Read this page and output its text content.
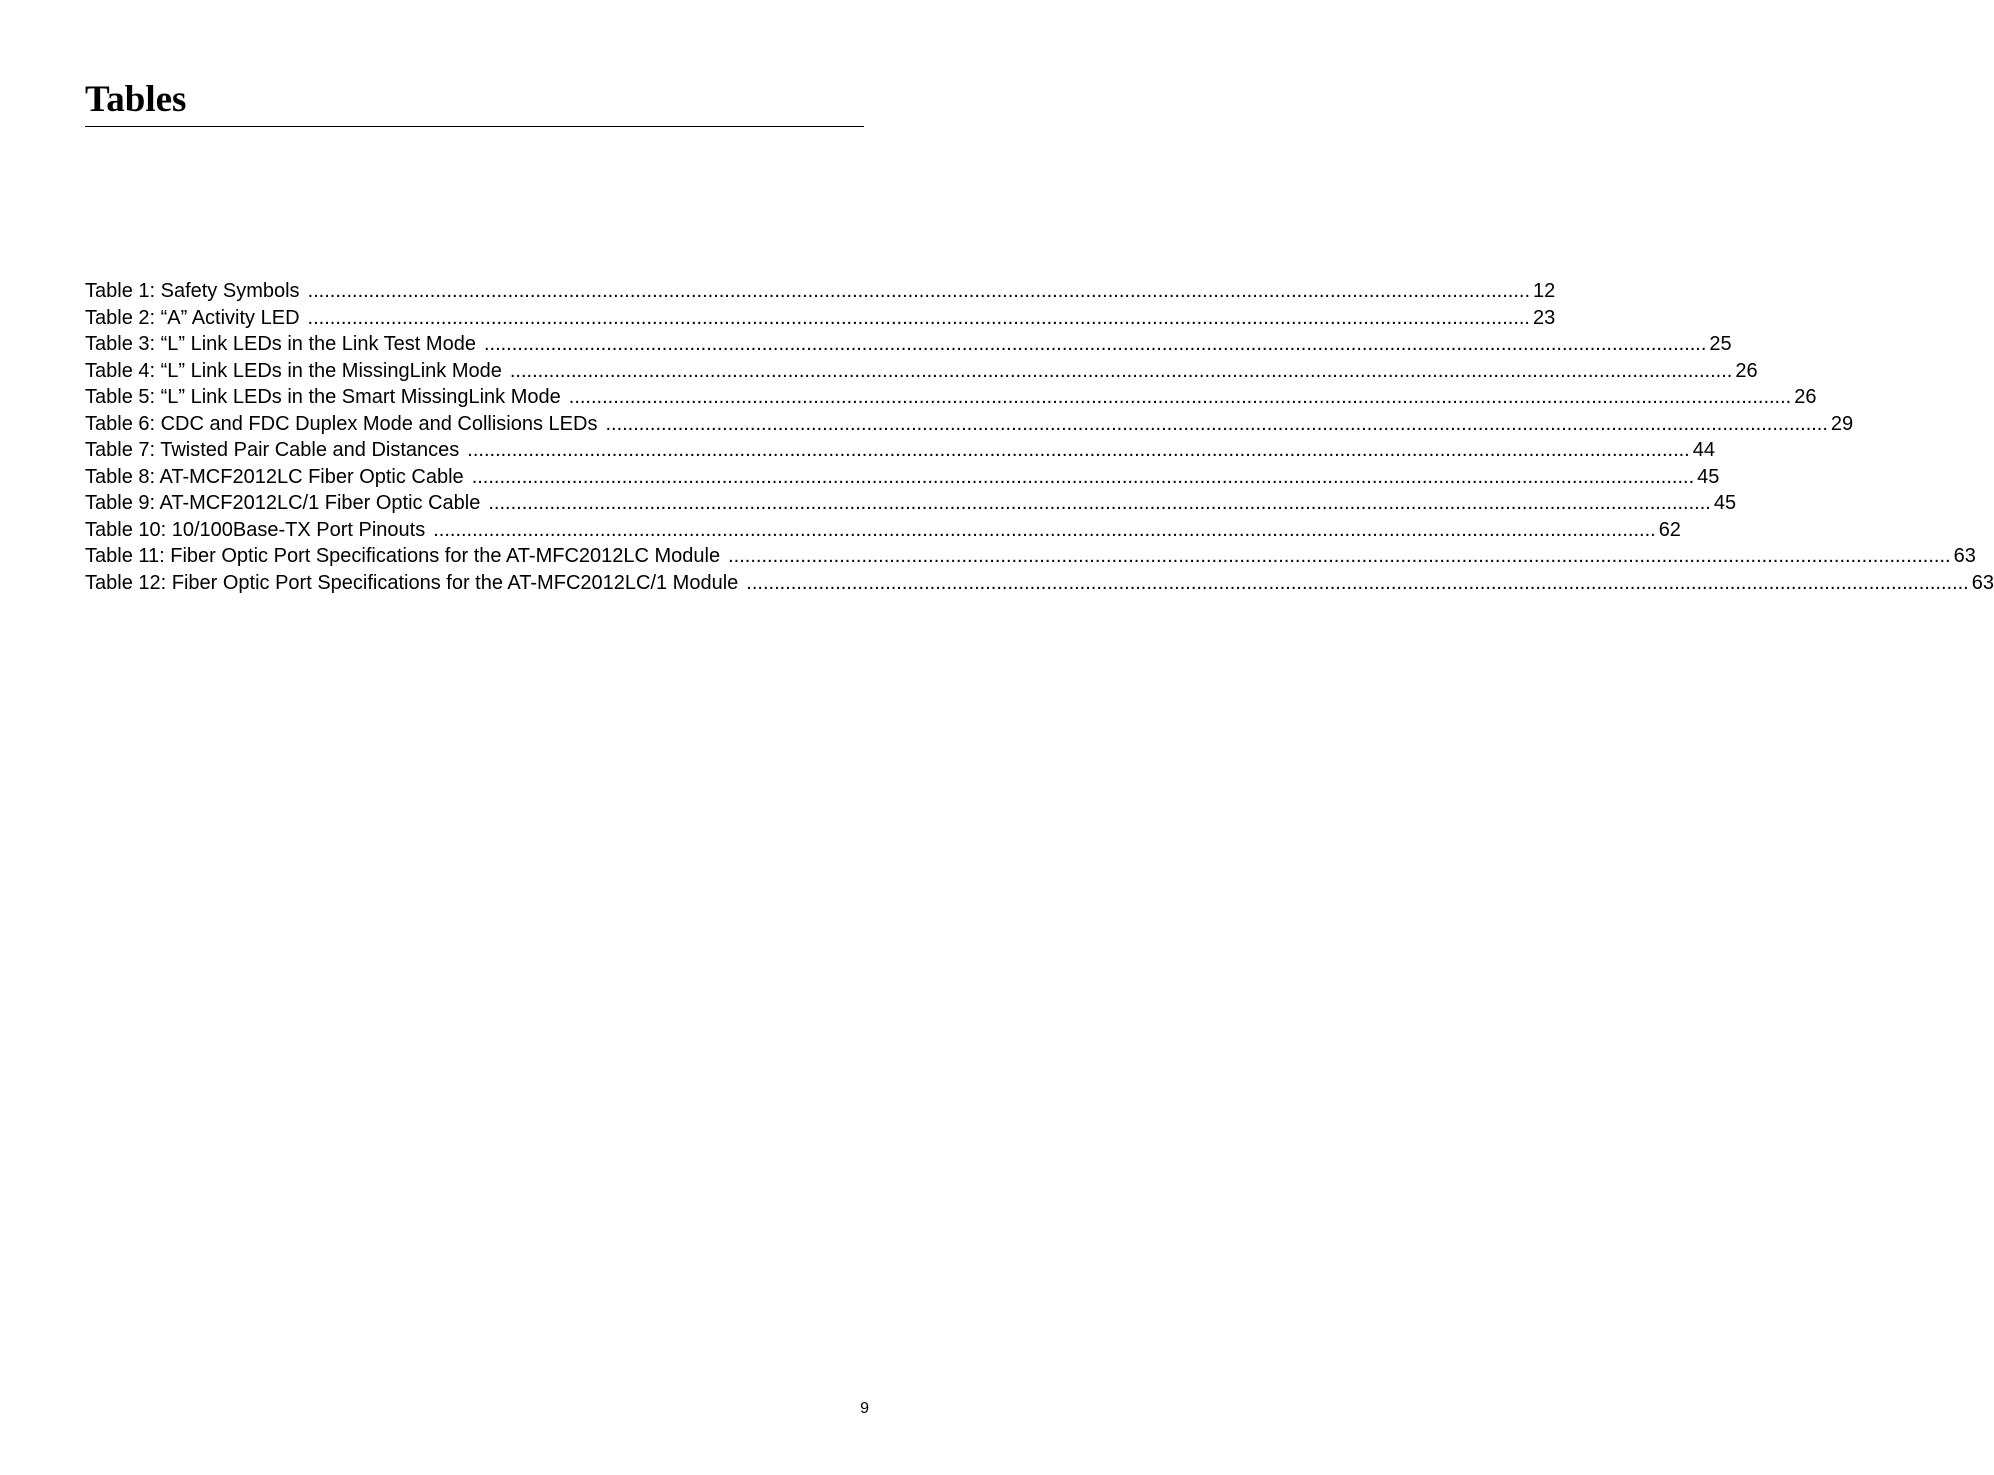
Tables
Table 1: Safety Symbols ............................................................................................................................................................................................................................ 12
Table 2: “A” Activity LED ............................................................................................................................................................................................................................ 23
Table 3: “L” Link LEDs in the Link Test Mode ............................................................................................................................................................................................................................ 25
Table 4: “L” Link LEDs in the MissingLink Mode ............................................................................................................................................................................................................................ 26
Table 5: “L” Link LEDs in the Smart MissingLink Mode ............................................................................................................................................................................................................................ 26
Table 6: CDC and FDC Duplex Mode and Collisions LEDs ............................................................................................................................................................................................................................ 29
Table 7: Twisted Pair Cable and Distances ............................................................................................................................................................................................................................ 44
Table 8: AT-MCF2012LC Fiber Optic Cable ............................................................................................................................................................................................................................ 45
Table 9: AT-MCF2012LC/1 Fiber Optic Cable ............................................................................................................................................................................................................................ 45
Table 10: 10/100Base-TX Port Pinouts ............................................................................................................................................................................................................................ 62
Table 11: Fiber Optic Port Specifications for the AT-MFC2012LC Module ............................................................................................................................................................................................................................ 63
Table 12: Fiber Optic Port Specifications for the AT-MFC2012LC/1 Module ............................................................................................................................................................................................................................ 63
9
